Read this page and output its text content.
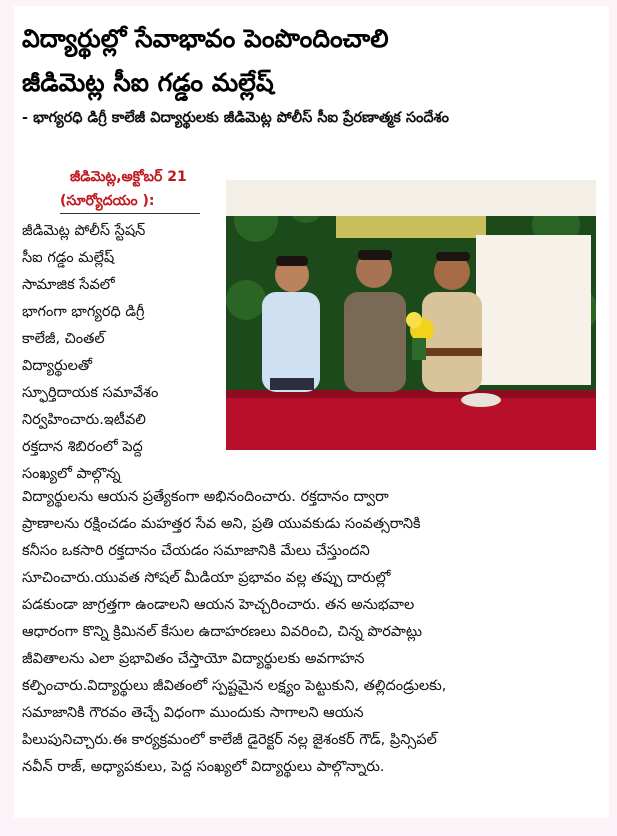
విద్యార్థుల్లో సేవాభావం పెంపొందించాలి
జీడిమెట్ల సీఐ గడ్డం మల్లేష్
- భాగ్యరధి డిగ్రీ కాలేజీ విద్యార్థులకు జీడిమెట్ల పోలీస్ సీఐ ప్రేరణాత్మక సందేశం
జీడిమెట్ల,అక్టోబర్ 21
(సూర్యోదయం ):
జీడిమెట్ల పోలీస్ స్టేషన్
సీఐ గడ్డం మల్లేష్
సామాజిక సేవలో
భాగంగా భాగ్యరధి డిగ్రీ
కాలేజీ, చింతల్
విద్యార్థులతో
స్ఫూర్తిదాయక సమావేశం
నిర్వహించారు.ఇటీవలి
రక్తదాన శిబిరంలో పెద్ద
సంఖ్యలో పాల్గొన్న
విద్యార్థులను ఆయన ప్రత్యేకంగా అభినందించారు. రక్తదానం ద్వారా
ప్రాణాలను రక్షించడం మహత్తర సేవ అని, ప్రతి యువకుడు సంవత్సరానికి
కనీసం ఒకసారి రక్తదానం చేయడం సమాజానికి మేలు చేస్తుందని
సూచించారు.యువత సోషల్ మీడియా ప్రభావం వల్ల తప్పు దారుల్లో
పడకుండా జాగ్రత్తగా ఉండాలని ఆయన హెచ్చరించారు. తన అనుభవాల
ఆధారంగా కొన్ని క్రిమినల్ కేసుల ఉదాహరణలు వివరించి, చిన్న పొరపాట్లు
జీవితాలను ఎలా ప్రభావితం చేస్తాయో విద్యార్థులకు అవగాహన
కల్పించారు.విద్యార్థులు జీవితంలో స్పష్టమైన లక్ష్యం పెట్టుకుని, తల్లిదండ్రులకు,
సమాజానికి గౌరవం తెచ్చే విధంగా ముందుకు సాగాలని ఆయన
పిలుపునిచ్చారు.ఈ కార్యక్రమంలో కాలేజీ డైరెక్టర్ నల్ల జైశంకర్ గౌడ్, ప్రిన్సిపల్
నవీన్ రాజ్, అధ్యాపకులు, పెద్ద సంఖ్యలో విద్యార్థులు పాల్గొన్నారు.
